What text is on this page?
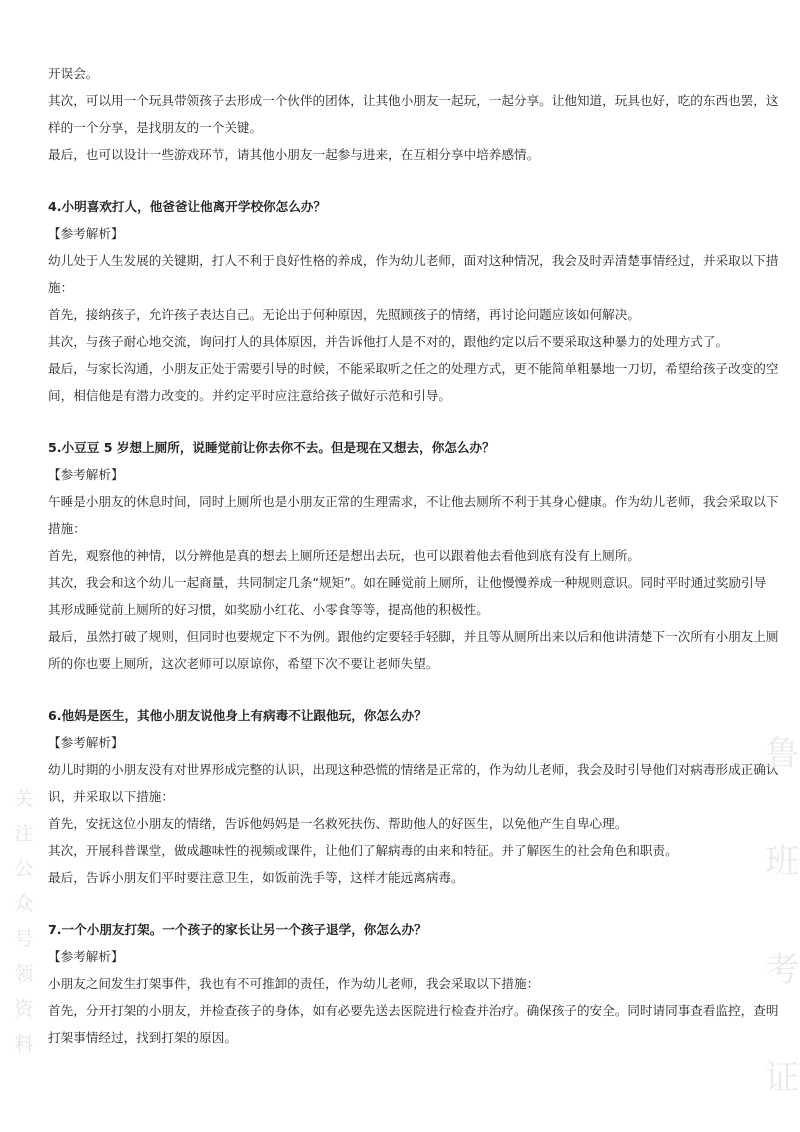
开误会。
其次，可以用一个玩具带领孩子去形成一个伙伴的团体，让其他小朋友一起玩，一起分享。让他知道，玩具也好，吃的东西也罢，这
样的一个分享，是找朋友的一个关键。
最后，也可以设计一些游戏环节，请其他小朋友一起参与进来，在互相分享中培养感情。
4.小明喜欢打人，他爸爸让他离开学校你怎么办？
【参考解析】
幼儿处于人生发展的关键期，打人不利于良好性格的养成，作为幼儿老师，面对这种情况，我会及时弄清楚事情经过，并采取以下措
施：
首先，接纳孩子，允许孩子表达自己。无论出于何种原因，先照顾孩子的情绪，再讨论问题应该如何解决。
其次，与孩子耐心地交流，询问打人的具体原因，并告诉他打人是不对的，跟他约定以后不要采取这种暴力的处理方式了。
最后，与家长沟通，小朋友正处于需要引导的时候，不能采取听之任之的处理方式，更不能简单粗暴地一刀切，希望给孩子改变的空
间，相信他是有潜力改变的。并约定平时应注意给孩子做好示范和引导。
5.小豆豆 5 岁想上厕所，说睡觉前让你去你不去。但是现在又想去，你怎么办？
【参考解析】
午睡是小朋友的休息时间，同时上厕所也是小朋友正常的生理需求，不让他去厕所不利于其身心健康。作为幼儿老师，我会采取以下
措施：
首先，观察他的神情，以分辨他是真的想去上厕所还是想出去玩，也可以跟着他去看他到底有没有上厕所。
其次，我会和这个幼儿一起商量，共同制定几条“规矩”。如在睡觉前上厕所，让他慢慢养成一种规则意识。同时平时通过奖励引导
其形成睡觉前上厕所的好习惯，如奖励小红花、小零食等等，提高他的积极性。
最后，虽然打破了规则，但同时也要规定下不为例。跟他约定要轻手轻脚，并且等从厕所出来以后和他讲清楚下一次所有小朋友上厕
所的你也要上厕所，这次老师可以原谅你，希望下次不要让老师失望。
6.他妈是医生，其他小朋友说他身上有病毒不让跟他玩，你怎么办？
【参考解析】
幼儿时期的小朋友没有对世界形成完整的认识，出现这种恐慌的情绪是正常的，作为幼儿老师，我会及时引导他们对病毒形成正确认
识，并采取以下措施：
首先，安抚这位小朋友的情绪，告诉他妈妈是一名救死扶伤、帮助他人的好医生，以免他产生自卑心理。
其次，开展科普课堂，做成趣味性的视频或课件，让他们了解病毒的由来和特征。并了解医生的社会角色和职责。
最后，告诉小朋友们平时要注意卫生，如饭前洗手等，这样才能远离病毒。
7.一个小朋友打架。一个孩子的家长让另一个孩子退学，你怎么办？
【参考解析】
小朋友之间发生打架事件，我也有不可推卸的责任，作为幼儿老师，我会采取以下措施：
首先，分开打架的小朋友，并检查孩子的身体，如有必要先送去医院进行检查并治疗。确保孩子的安全。同时请同事查看监控，查明
打架事情经过，找到打架的原因。
鲁
班
考
证
关
注
公
众
号
领
资
料
